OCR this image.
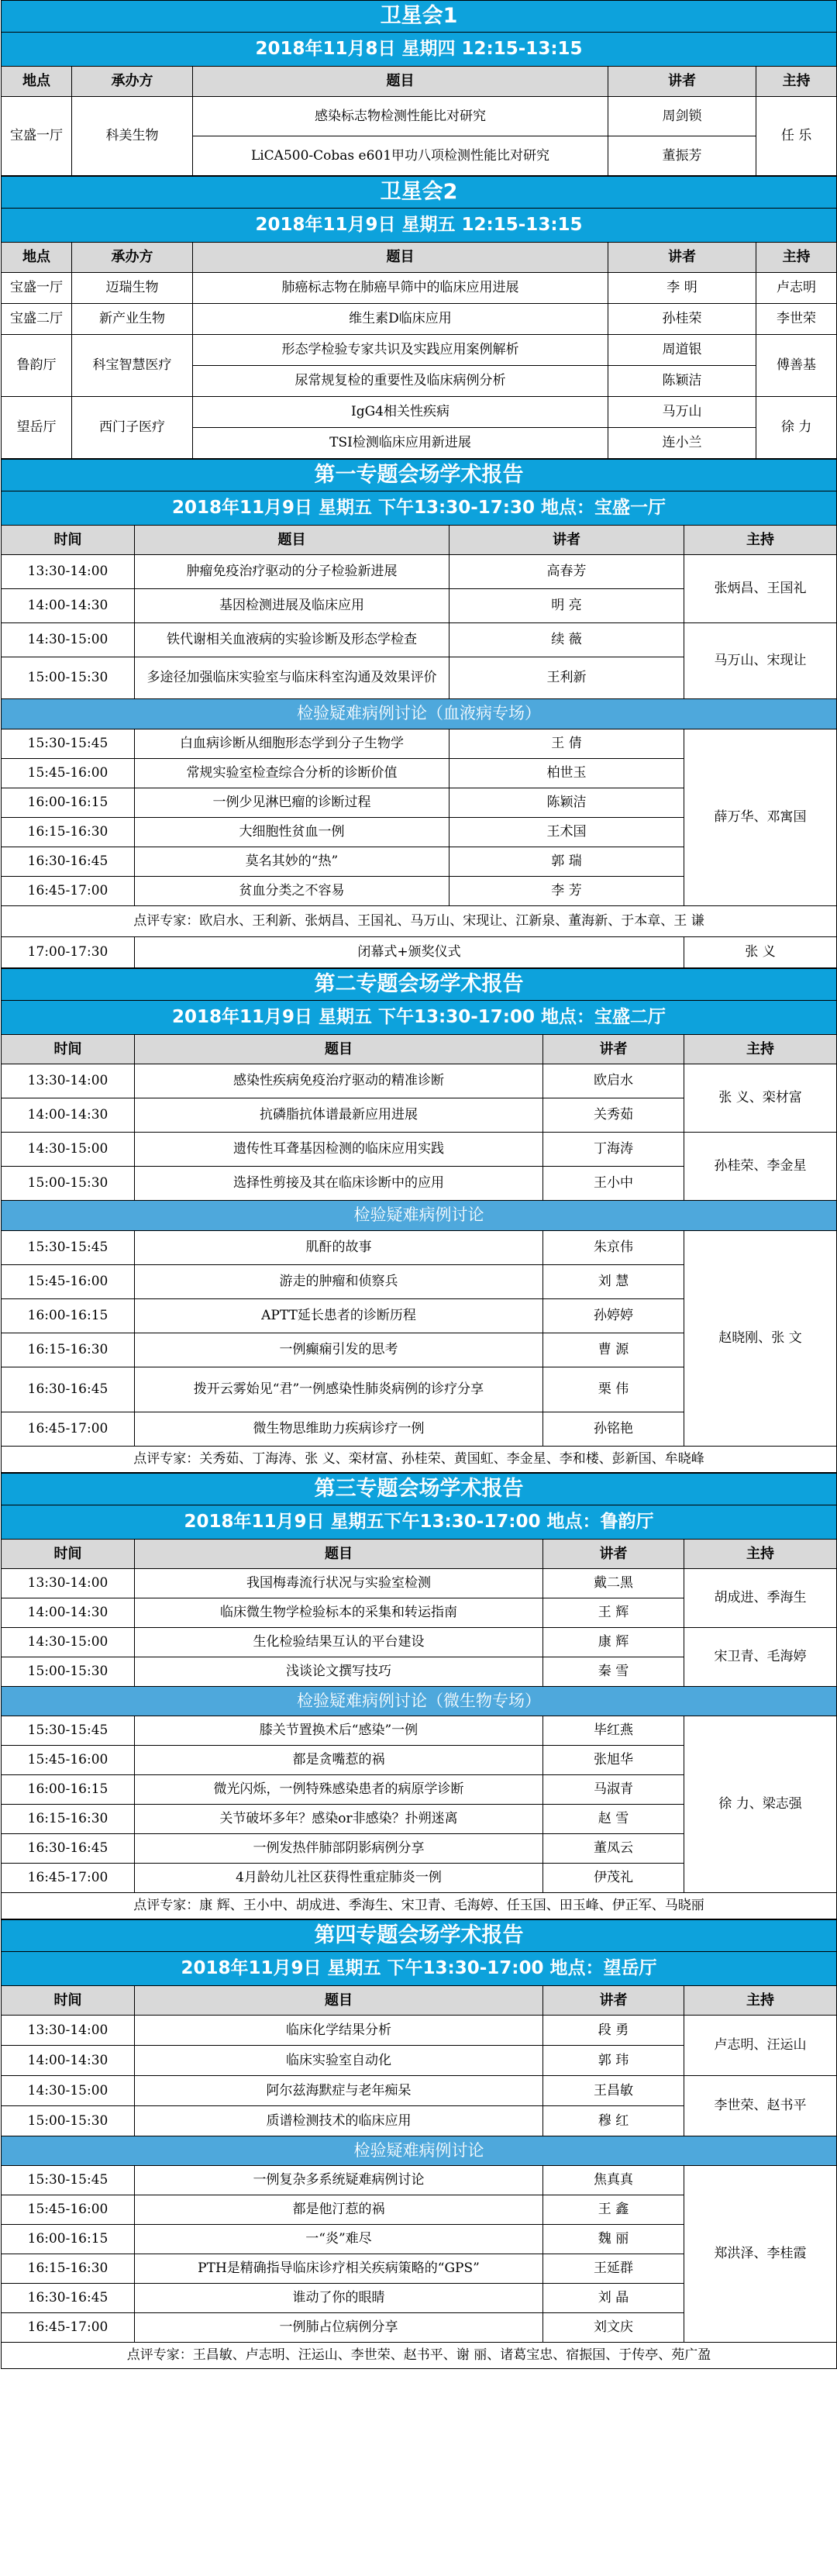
卫星会1				
2018年11月8日 星期四 12:15-13:15				
地点	承办方	题目	讲者	主持
宝盛一厅	科美生物	感染标志物检测性能比对研究	周剑锁	任 乐
		LiCA500-Cobas e601甲功八项检测性能比对研究	董振芳	
卫星会2				
2018年11月9日 星期五 12:15-13:15				
地点	承办方	题目	讲者	主持
宝盛一厅	迈瑞生物	肺癌标志物在肺癌早筛中的临床应用进展	李 明	卢志明
宝盛二厅	新产业生物	维生素D临床应用	孙桂荣	李世荣
鲁韵厅	科宝智慧医疗	形态学检验专家共识及实践应用案例解析	周道银	傅善基
		尿常规复检的重要性及临床病例分析	陈颖洁	
望岳厅	西门子医疗	IgG4相关性疾病	马万山	徐 力
		TSI检测临床应用新进展	连小兰	
第一专题会场学术报告			
2018年11月9日 星期五 下午13:30-17:30 地点：宝盛一厅			
时间	题目	讲者	主持
13:30-14:00	肿瘤免疫治疗驱动的分子检验新进展	高春芳	张炳昌、王国礼
14:00-14:30	基因检测进展及临床应用	明 亮	
14:30-15:00	铁代谢相关血液病的实验诊断及形态学检查	续 薇	马万山、宋现让
15:00-15:30	多途径加强临床实验室与临床科室沟通及效果评价	王利新	
检验疑难病例讨论（血液病专场）			
15:30-15:45	白血病诊断从细胞形态学到分子生物学	王 倩	薛万华、邓寓国
15:45-16:00	常规实验室检查综合分析的诊断价值	柏世玉	
16:00-16:15	一例少见淋巴瘤的诊断过程	陈颖洁	
16:15-16:30	大细胞性贫血一例	王术国	
16:30-16:45	莫名其妙的“热”	郭 瑞	
16:45-17:00	贫血分类之不容易	李 芳	
点评专家：欧启水、王利新、张炳昌、王国礼、马万山、宋现让、江新泉、董海新、于本章、王 谦			
17:00-17:30	闭幕式+颁奖仪式		张 义
第二专题会场学术报告			
2018年11月9日 星期五 下午13:30-17:00 地点：宝盛二厅			
时间	题目	讲者	主持
13:30-14:00	感染性疾病免疫治疗驱动的精准诊断	欧启水	张 义、栾材富
14:00-14:30	抗磷脂抗体谱最新应用进展	关秀茹	
14:30-15:00	遗传性耳聋基因检测的临床应用实践	丁海涛	孙桂荣、李金星
15:00-15:30	选择性剪接及其在临床诊断中的应用	王小中	
检验疑难病例讨论			
15:30-15:45	肌酐的故事	朱京伟	赵晓刚、张 文
15:45-16:00	游走的肿瘤和侦察兵	刘 慧	
16:00-16:15	APTT延长患者的诊断历程	孙婷婷	
16:15-16:30	一例癫痫引发的思考	曹 源	
16:30-16:45	拨开云雾始见“君”一例感染性肺炎病例的诊疗分享	栗 伟	
16:45-17:00	微生物思维助力疾病诊疗一例	孙铭艳	
点评专家：关秀茹、丁海涛、张 义、栾材富、孙桂荣、黄国虹、李金星、李和楼、彭新国、牟晓峰			
第三专题会场学术报告			
2018年11月9日 星期五下午13:30-17:00 地点：鲁韵厅			
时间	题目	讲者	主持
13:30-14:00	我国梅毒流行状况与实验室检测	戴二黑	胡成进、季海生
14:00-14:30	临床微生物学检验标本的采集和转运指南	王 辉	
14:30-15:00	生化检验结果互认的平台建设	康 辉	宋卫青、毛海婷
15:00-15:30	浅谈论文撰写技巧	秦 雪	
检验疑难病例讨论（微生物专场）			
15:30-15:45	膝关节置换术后“感染”一例	毕红燕	徐 力、梁志强
15:45-16:00	都是贪嘴惹的祸	张旭华	
16:00-16:15	微光闪烁，一例特殊感染患者的病原学诊断	马淑青	
16:15-16:30	关节破坏多年？感染or非感染？扑朔迷离	赵 雪	
16:30-16:45	一例发热伴肺部阴影病例分享	董凤云	
16:45-17:00	4月龄幼儿社区获得性重症肺炎一例	伊茂礼	
点评专家：康 辉、王小中、胡成进、季海生、宋卫青、毛海婷、任玉国、田玉峰、伊正军、马晓丽			
第四专题会场学术报告			
2018年11月9日 星期五 下午13:30-17:00 地点：望岳厅			
时间	题目	讲者	主持
13:30-14:00	临床化学结果分析	段 勇	卢志明、汪运山
14:00-14:30	临床实验室自动化	郭 玮	
14:30-15:00	阿尔兹海默症与老年痴呆	王昌敏	李世荣、赵书平
15:00-15:30	质谱检测技术的临床应用	穆 红	
检验疑难病例讨论			
15:30-15:45	一例复杂多系统疑难病例讨论	焦真真	郑洪泽、李桂霞
15:45-16:00	都是他汀惹的祸	王 鑫	
16:00-16:15	一“炎”难尽	魏 丽	
16:15-16:30	PTH是精确指导临床诊疗相关疾病策略的“GPS”	王延群	
16:30-16:45	谁动了你的眼睛	刘 晶	
16:45-17:00	一例肺占位病例分享	刘文庆	
点评专家：王昌敏、卢志明、汪运山、李世荣、赵书平、谢 丽、诸葛宝忠、宿振国、于传亭、苑广盈			
